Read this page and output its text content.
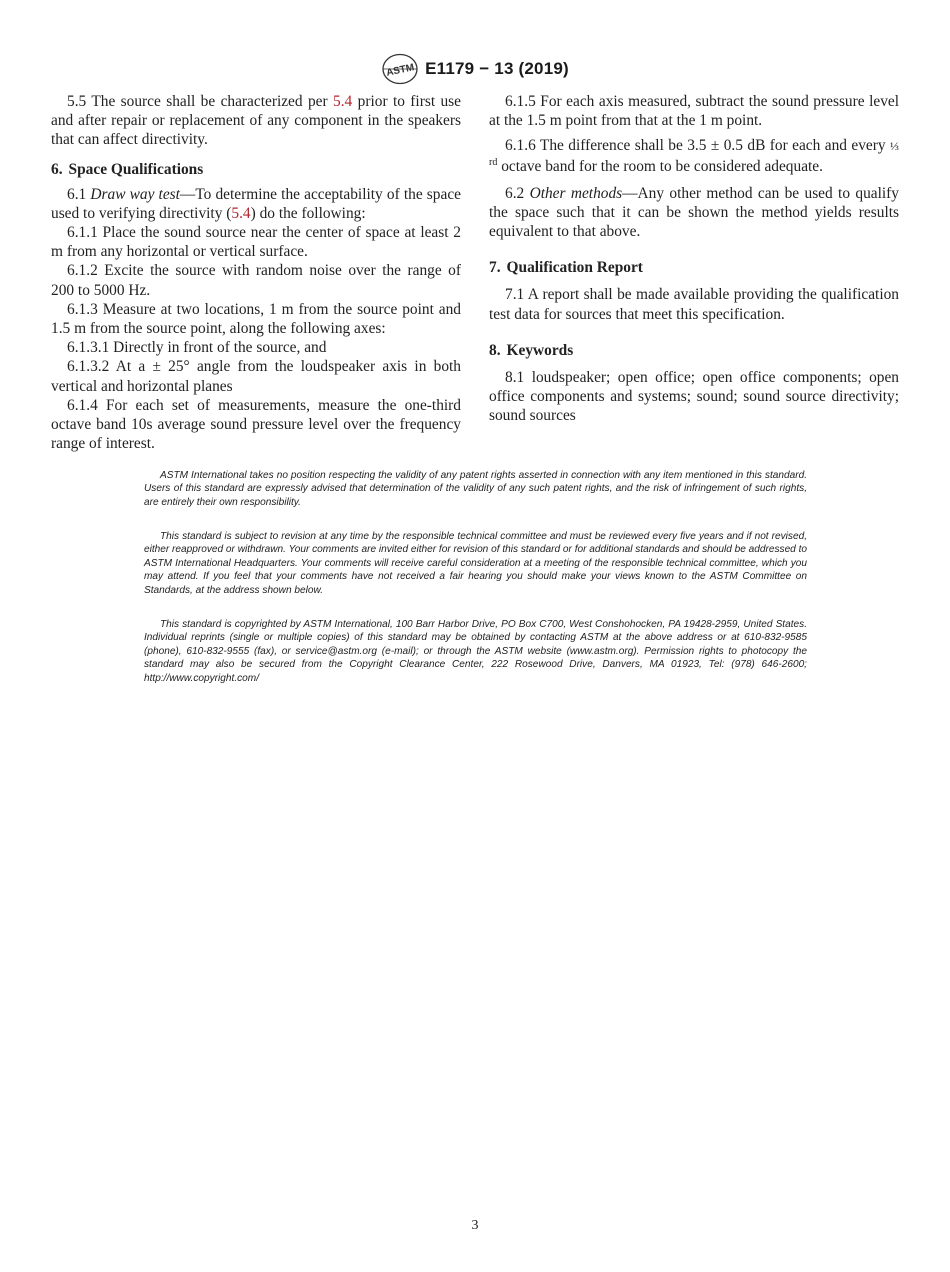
ASTM E1179 − 13 (2019)

5.5 The source shall be characterized per 5.4 prior to first use and after repair or replacement of any component in the speakers that can affect directivity.

6. Space Qualifications

6.1 Draw way test—To determine the acceptability of the space used to verifying directivity (5.4) do the following:

6.1.1 Place the sound source near the center of space at least 2 m from any horizontal or vertical surface.

6.1.2 Excite the source with random noise over the range of 200 to 5000 Hz.

6.1.3 Measure at two locations, 1 m from the source point and 1.5 m from the source point, along the following axes:

6.1.3.1 Directly in front of the source, and

6.1.3.2 At a ± 25° angle from the loudspeaker axis in both vertical and horizontal planes

6.1.4 For each set of measurements, measure the one-third octave band 10s average sound pressure level over the frequency range of interest.

6.1.5 For each axis measured, subtract the sound pressure level at the 1.5 m point from that at the 1 m point.

6.1.6 The difference shall be 3.5 ± 0.5 dB for each and every ⅓ $^{rd}$ octave band for the room to be considered adequate.

6.2 Other methods—Any other method can be used to qualify the space such that it can be shown the method yields results equivalent to that above.

7. Qualification Report

7.1 A report shall be made available providing the qualification test data for sources that meet this specification.

8. Keywords

8.1 loudspeaker; open office; open office components; open office components and systems; sound; sound source directivity; sound sources

ASTM International takes no position respecting the validity of any patent rights asserted in connection with any item mentioned in this standard. Users of this standard are expressly advised that determination of the validity of any such patent rights, and the risk of infringement of such rights, are entirely their own responsibility.

This standard is subject to revision at any time by the responsible technical committee and must be reviewed every five years and if not revised, either reapproved or withdrawn. Your comments are invited either for revision of this standard or for additional standards and should be addressed to ASTM International Headquarters. Your comments will receive careful consideration at a meeting of the responsible technical committee, which you may attend. If you feel that your comments have not received a fair hearing you should make your views known to the ASTM Committee on Standards, at the address shown below.

This standard is copyrighted by ASTM International, 100 Barr Harbor Drive, PO Box C700, West Conshohocken, PA 19428-2959, United States. Individual reprints (single or multiple copies) of this standard may be obtained by contacting ASTM at the above address or at 610-832-9585 (phone), 610-832-9555 (fax), or service@astm.org (e-mail); or through the ASTM website (www.astm.org). Permission rights to photocopy the standard may also be secured from the Copyright Clearance Center, 222 Rosewood Drive, Danvers, MA 01923, Tel: (978) 646-2600; http://www.copyright.com/

3
